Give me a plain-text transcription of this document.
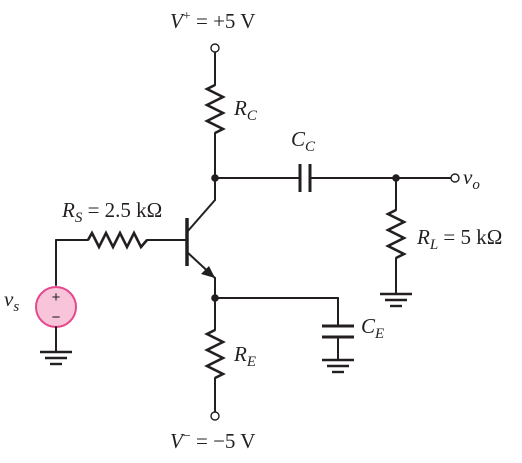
+
−
V+ = +5 V
$R_C$
$C_C$
$v_o$
$R_S = 2.5$ kΩ
$R_L = 5$ kΩ
$v_s$
$C_E$
$R_E$
V− = −5 V
